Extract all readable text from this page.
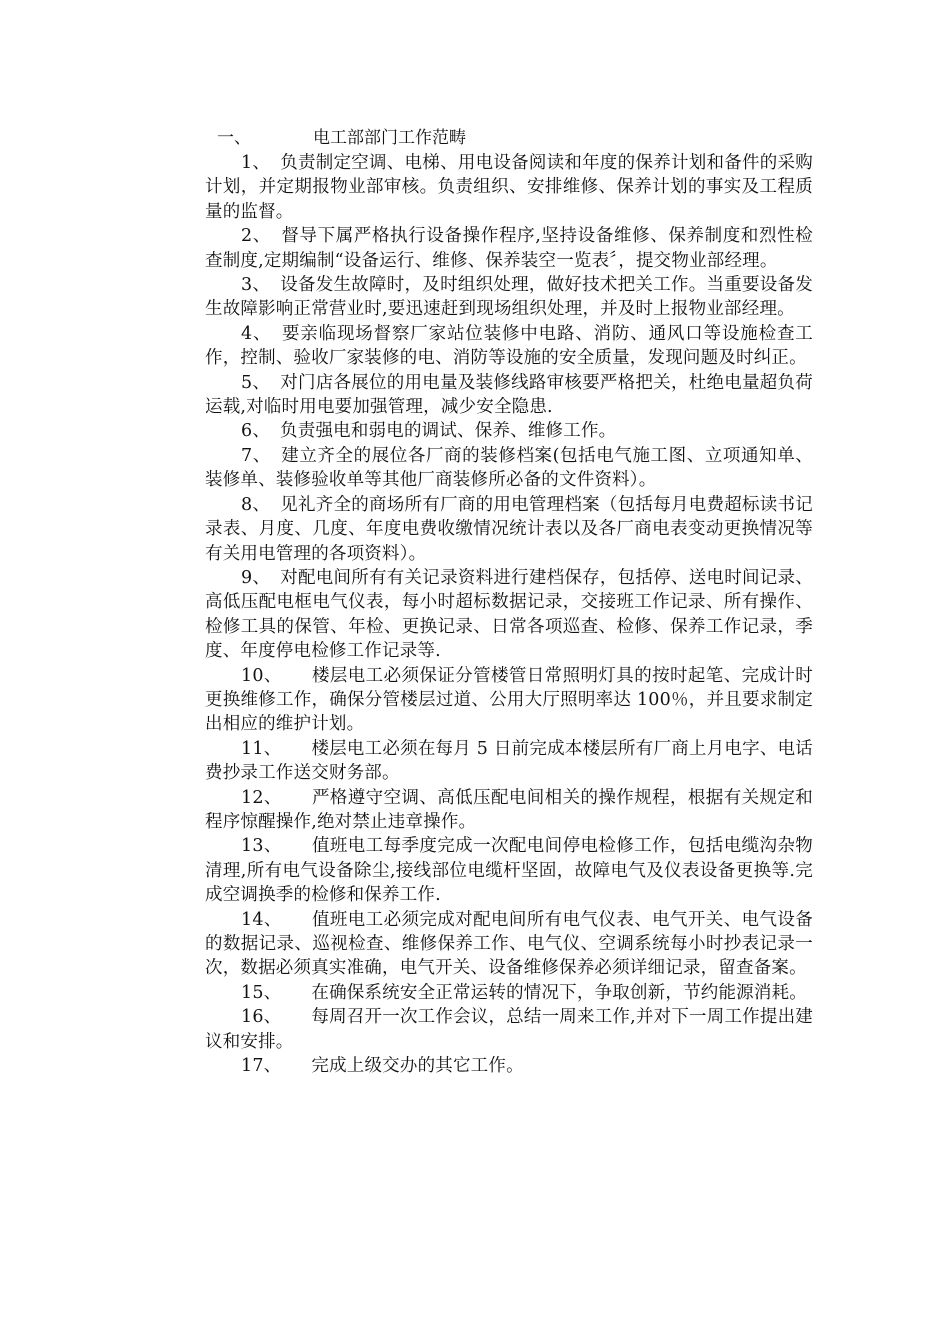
一、	电工部部门工作范畴

1、 负责制定空调、电梯、用电设备阅读和年度的保养计划和备件的采购计划，并定期报物业部审核。负责组织、安排维修、保养计划的事实及工程质量的监督。

2、 督导下属严格执行设备操作程序,坚持设备维修、保养制度和烈性检查制度,定期编制“设备运行、维修、保养装空一览表〞，提交物业部经理。

3、 设备发生故障时，及时组织处理，做好技术把关工作。当重要设备发生故障影响正常营业时,要迅速赶到现场组织处理，并及时上报物业部经理。

4、 要亲临现场督察厂家站位装修中电路、消防、通风口等设施检查工作，控制、验收厂家装修的电、消防等设施的安全质量，发现问题及时纠正。

5、 对门店各展位的用电量及装修线路审核要严格把关，杜绝电量超负荷运载,对临时用电要加强管理，减少安全隐患.

6、 负责强电和弱电的调试、保养、维修工作。

7、 建立齐全的展位各厂商的装修档案(包括电气施工图、立项通知单、装修单、装修验收单等其他厂商装修所必备的文件资料）。

8、 见礼齐全的商场所有厂商的用电管理档案（包括每月电费超标读书记录表、月度、几度、年度电费收缴情况统计表以及各厂商电表变动更换情况等有关用电管理的各项资料）。

9、 对配电间所有有关记录资料进行建档保存，包括停、送电时间记录、高低压配电框电气仪表，每小时超标数据记录，交接班工作记录、所有操作、检修工具的保管、年检、更换记录、日常各项巡查、检修、保养工作记录，季度、年度停电检修工作记录等.

10、 楼层电工必须保证分管楼管日常照明灯具的按时起笔、完成计时更换维修工作，确保分管楼层过道、公用大厅照明率达 100％，并且要求制定出相应的维护计划。

11、 楼层电工必须在每月 5 日前完成本楼层所有厂商上月电字、电话费抄录工作送交财务部。

12、 严格遵守空调、高低压配电间相关的操作规程，根据有关规定和程序惊醒操作,绝对禁止违章操作。

13、 值班电工每季度完成一次配电间停电检修工作，包括电缆沟杂物清理,所有电气设备除尘,接线部位电缆杆坚固，故障电气及仪表设备更换等.完成空调换季的检修和保养工作.

14、 值班电工必须完成对配电间所有电气仪表、电气开关、电气设备的数据记录、巡视检查、维修保养工作、电气仪、空调系统每小时抄表记录一次，数据必须真实准确，电气开关、设备维修保养必须详细记录，留查备案。

15、 在确保系统安全正常运转的情况下，争取创新，节约能源消耗。

16、 每周召开一次工作会议，总结一周来工作,并对下一周工作提出建议和安排。

17、 完成上级交办的其它工作。
